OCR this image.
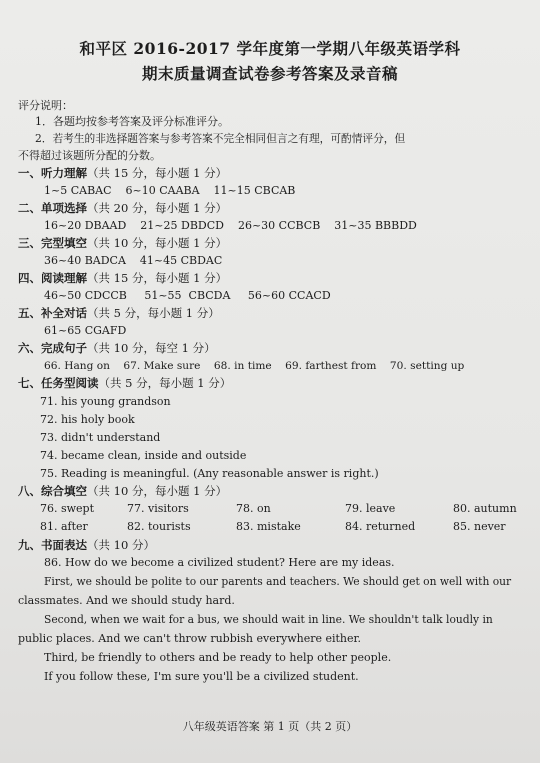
和平区 2016-2017 学年度第一学期八年级英语学科
期末质量调查试卷参考答案及录音稿
评分说明：
1．各题均按参考答案及评分标准评分。
2．若考生的非选择题答案与参考答案不完全相同但言之有理，可酌情评分，但
不得超过该题所分配的分数。
一、听力理解（共 15 分，每小题 1 分）
1~5 CABAC    6~10 CAABA    11~15 CBCAB
二、单项选择（共 20 分，每小题 1 分）
16~20 DBAAD    21~25 DBDCD    26~30 CCBCB    31~35 BBBDD
三、完型填空（共 10 分，每小题 1 分）
36~40 BADCA    41~45 CBDAC
四、阅读理解（共 15 分，每小题 1 分）
46~50 CDCCB     51~55  CBCDA     56~60 CCACD
五、补全对话（共 5 分，每小题 1 分）
61~65 CGAFD
六、完成句子（共 10 分，每空 1 分）
66. Hang on    67. Make sure    68. in time    69. farthest from    70. setting up
七、任务型阅读（共 5 分，每小题 1 分）
71. his young grandson
72. his holy book
73. didn't understand
74. became clean, inside and outside
75. Reading is meaningful. (Any reasonable answer is right.)
八、综合填空（共 10 分，每小题 1 分）
76. swept	77. visitors	78. on	79. leave	80. autumn
81. after	82. tourists	83. mistake	84. returned	85. never
九、书面表达（共 10 分）
86. How do we become a civilized student? Here are my ideas.
First, we should be polite to our parents and teachers. We should get on well with our
classmates. And we should study hard.
Second, when we wait for a bus, we should wait in line. We shouldn't talk loudly in
public places. And we can't throw rubbish everywhere either.
Third, be friendly to others and be ready to help other people.
If you follow these, I'm sure you'll be a civilized student.
八年级英语答案 第 1 页（共 2 页）
